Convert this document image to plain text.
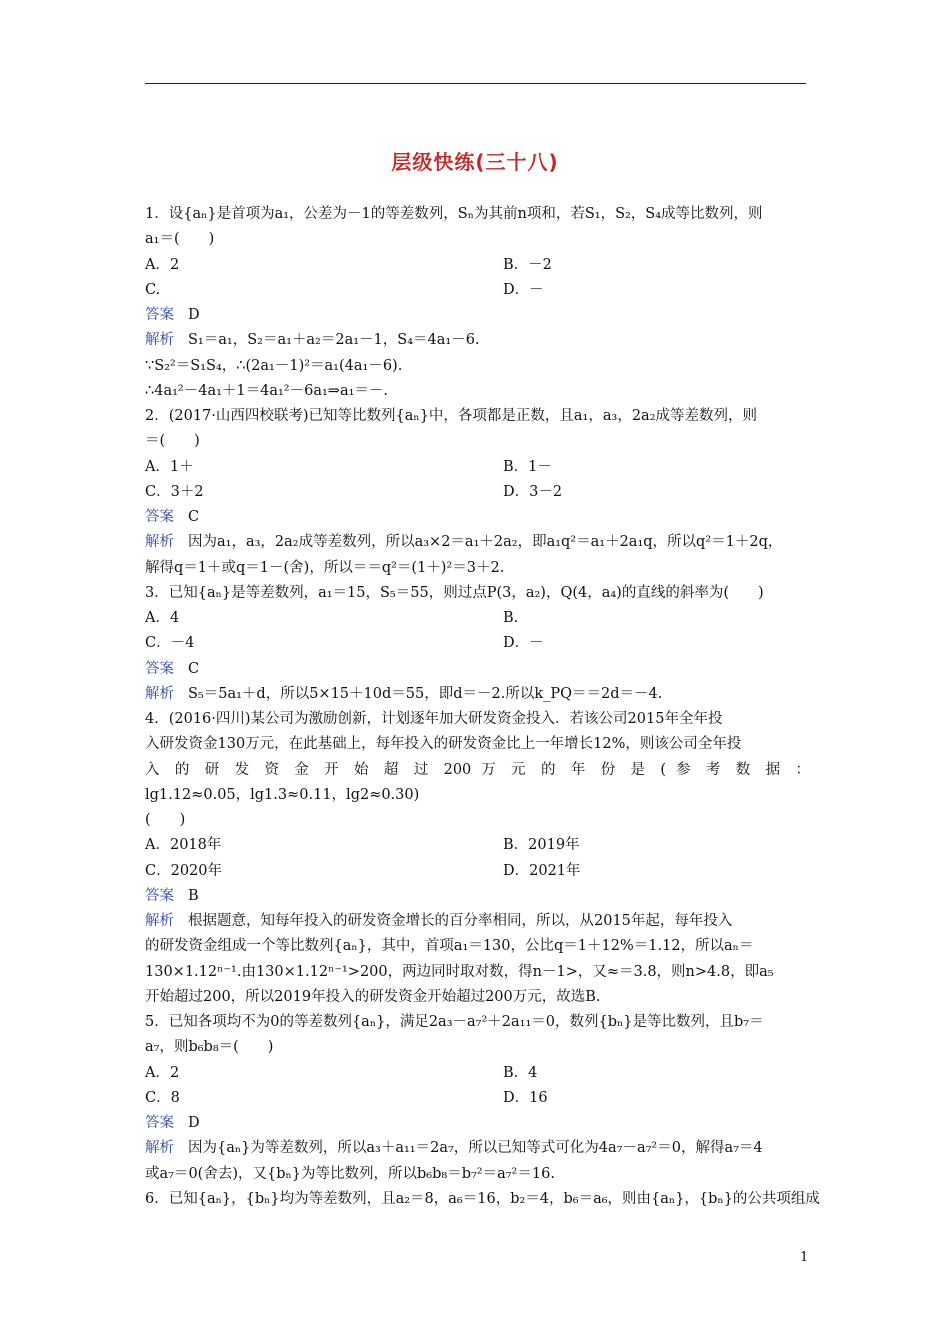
层级快练(三十八)
1．设{aₙ}是首项为a₁，公差为－1的等差数列，Sₙ为其前n项和，若S₁，S₂，S₄成等比数列，则
a₁＝(　　)
A．2	B．－2
C.	D．－
答案 D
解析 S₁＝a₁，S₂＝a₁＋a₂＝2a₁－1，S₄＝4a₁－6.
∵S₂²＝S₁S₄，∴(2a₁－1)²＝a₁(4a₁－6).
∴4a₁²－4a₁＋1＝4a₁²－6a₁⇒a₁＝－.
2．(2017·山西四校联考)已知等比数列{aₙ}中，各项都是正数，且a₁，a₃，2a₂成等差数列，则
＝(　　)
A．1＋	B．1－
C．3＋2	D．3－2
答案 C
解析 因为a₁，a₃，2a₂成等差数列，所以a₃×2＝a₁＋2a₂，即a₁q²＝a₁＋2a₁q，所以q²＝1＋2q，
解得q＝1＋或q＝1－(舍)，所以＝＝q²＝(1＋)²＝3＋2.
3．已知{aₙ}是等差数列，a₁＝15，S₅＝55，则过点P(3，a₂)，Q(4，a₄)的直线的斜率为(　　)
A．4	B.
C．－4	D．－
答案 C
解析 S₅＝5a₁＋d，所以5×15＋10d＝55，即d＝－2.所以k_PQ＝＝2d＝－4.
4．(2016·四川)某公司为激励创新，计划逐年加大研发资金投入．若该公司2015年全年投
入研发资金130万元，在此基础上，每年投入的研发资金比上一年增长12%，则该公司全年投
入 的 研 发 资 金 开 始 超 过 200 万 元 的 年 份 是 ( 参 考 数 据 ：
lg1.12≈0.05，lg1.3≈0.11，lg2≈0.30)
(　　)
A．2018年	B．2019年
C．2020年	D．2021年
答案 B
解析 根据题意，知每年投入的研发资金增长的百分率相同，所以，从2015年起，每年投入
的研发资金组成一个等比数列{aₙ}，其中，首项a₁＝130，公比q＝1＋12%＝1.12，所以aₙ＝
130×1.12ⁿ⁻¹.由130×1.12ⁿ⁻¹>200，两边同时取对数，得n－1>，又≈＝3.8，则n>4.8，即a₅
开始超过200，所以2019年投入的研发资金开始超过200万元，故选B.
5．已知各项均不为0的等差数列{aₙ}，满足2a₃－a₇²＋2a₁₁＝0，数列{bₙ}是等比数列，且b₇＝
a₇，则b₆b₈＝(　　)
A．2	B．4
C．8	D．16
答案 D
解析 因为{aₙ}为等差数列，所以a₃＋a₁₁＝2a₇，所以已知等式可化为4a₇－a₇²＝0，解得a₇＝4
或a₇＝0(舍去)，又{bₙ}为等比数列，所以b₆b₈＝b₇²＝a₇²＝16.
6．已知{aₙ}，{bₙ}均为等差数列，且a₂＝8，a₆＝16，b₂＝4，b₆＝a₆，则由{aₙ}，{bₙ}的公共项组成
1
